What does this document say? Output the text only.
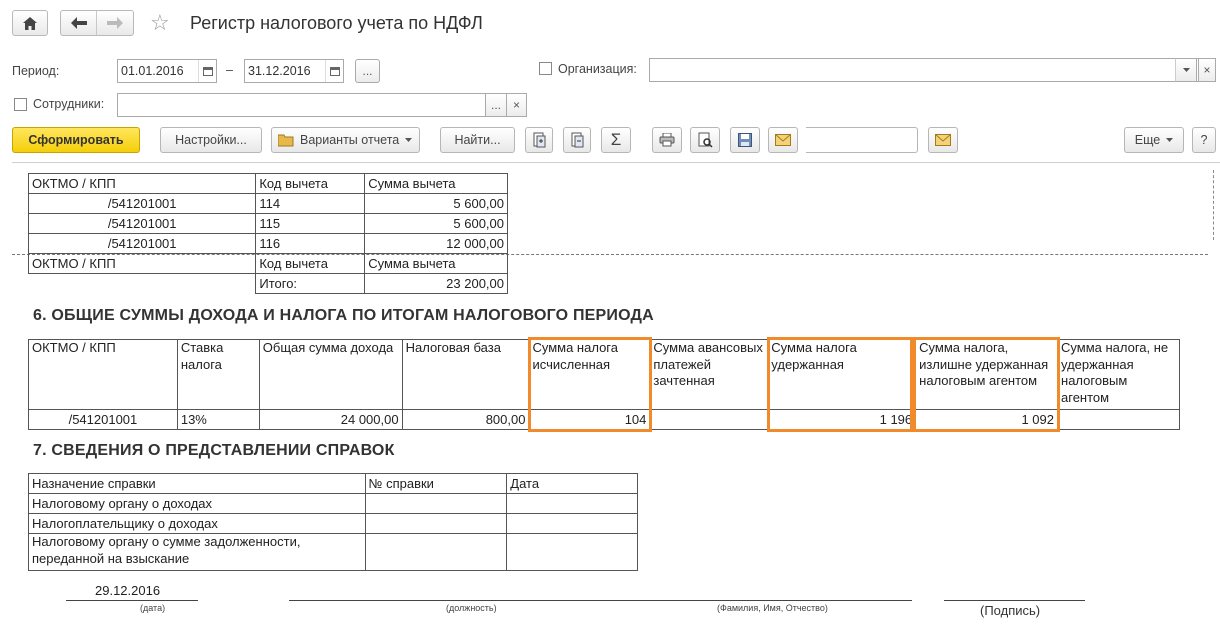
☆ Регистр налогового учета по НДФЛ
Период:	01.01.2016	–	31.12.2016	...	Организация:	×
Сотрудники:	... ×
Сформировать	Настройки...	Варианты отчета	Найти...	Σ	Еще	?
ОКТМО / КПП	Код вычета	Сумма вычета
/541201001	114	5 600,00
/541201001	115	5 600,00
/541201001	116	12 000,00
ОКТМО / КПП	Код вычета	Сумма вычета
	Итого:	23 200,00
6. ОБЩИЕ СУММЫ ДОХОДА И НАЛОГА ПО ИТОГАМ НАЛОГОВОГО ПЕРИОДА
ОКТМО / КПП	Ставка налога	Общая сумма дохода	Налоговая база	Сумма налога исчисленная	Сумма авансовых платежей зачтенная	Сумма налога удержанная	Сумма налога, излишне удержанная налоговым агентом	Сумма налога, не удержанная налоговым агентом
/541201001	13%	24 000,00	800,00	104		1 196	1 092	
7. СВЕДЕНИЯ О ПРЕДСТАВЛЕНИИ СПРАВОК
Назначение справки	№ справки	Дата
Налоговому органу о доходах		
Налогоплательщику о доходах		
Налоговому органу о сумме задолженности, переданной на взыскание		
29.12.2016
(дата)	(должность)	(Фамилия, Имя, Отчество)	(Подпись)
